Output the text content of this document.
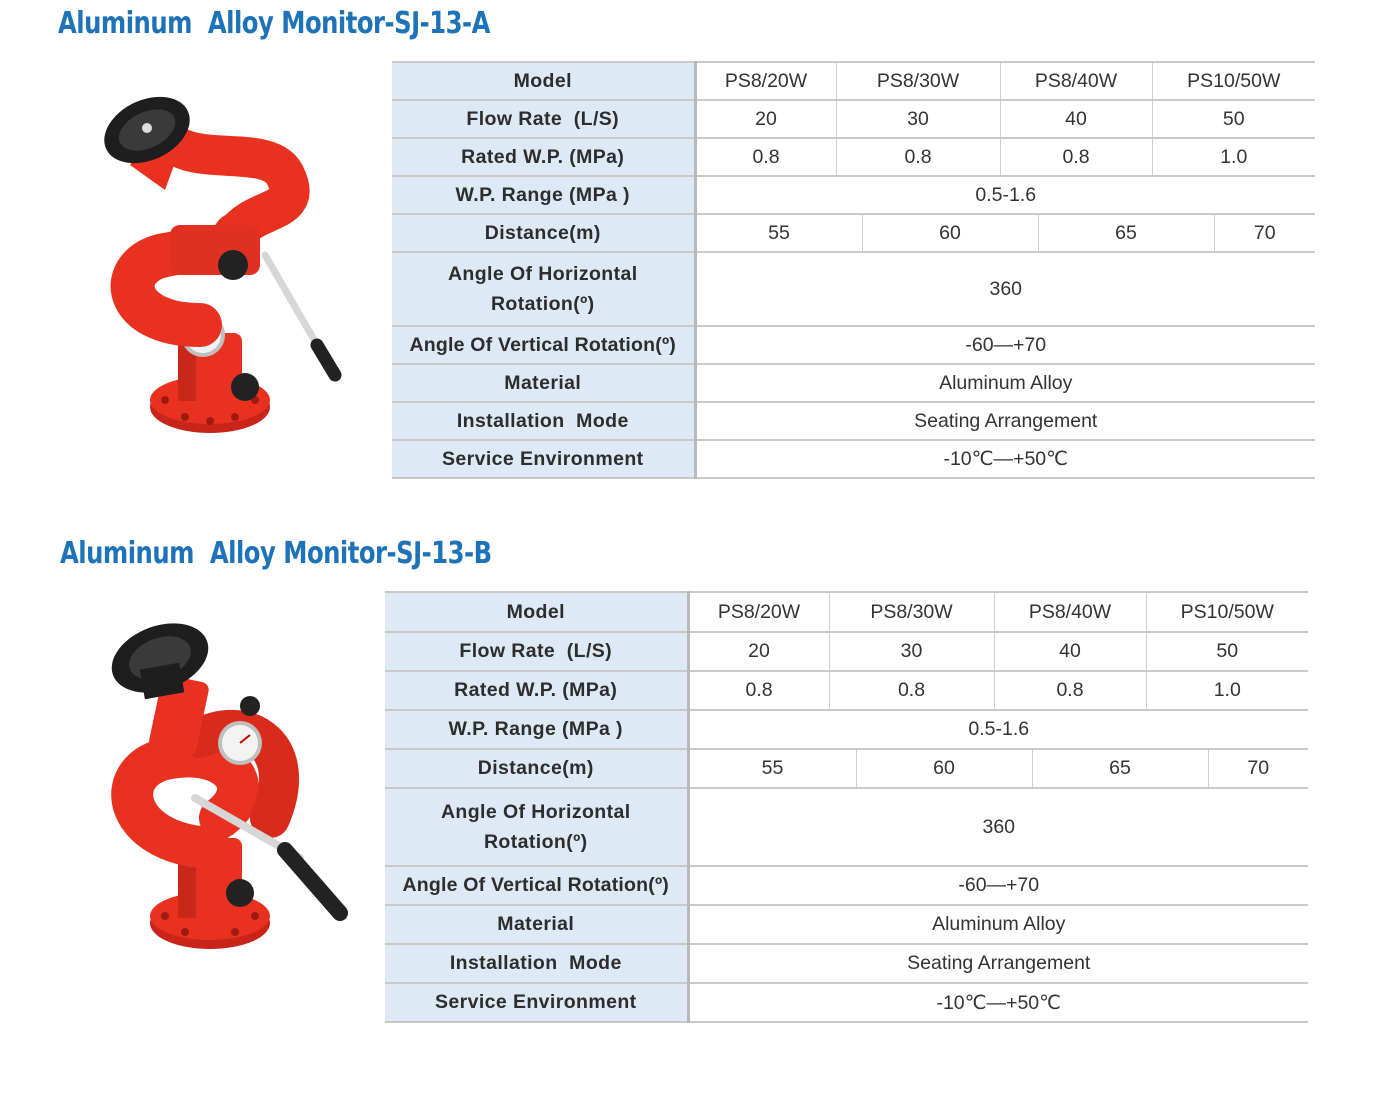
Aluminum  Alloy Monitor-SJ-13-A
Model	PS8/20W	PS8/30W	PS8/40W	PS10/50W
Flow Rate  (L/S)	20	30	40	50
Rated W.P. (MPa)	0.8	0.8	0.8	1.0
W.P. Range (MPa )	0.5-1.6			
Distance(m)	55 60 65 70			

Angle Of Horizontal Rotation(º)	360			
Angle Of Vertical Rotation(º)	-60—+70			
Material	Aluminum Alloy			
Installation  Mode	Seating Arrangement			
Service Environment	-10℃—+50℃			
Aluminum  Alloy Monitor-SJ-13-B
Model	PS8/20W	PS8/30W	PS8/40W	PS10/50W
Flow Rate  (L/S)	20	30	40	50
Rated W.P. (MPa)	0.8	0.8	0.8	1.0
W.P. Range (MPa )	0.5-1.6			
Distance(m)	55 60 65 70			

Angle Of Horizontal Rotation(º)	360			
Angle Of Vertical Rotation(º)	-60—+70			
Material	Aluminum Alloy			
Installation  Mode	Seating Arrangement			
Service Environment	-10℃—+50℃			
